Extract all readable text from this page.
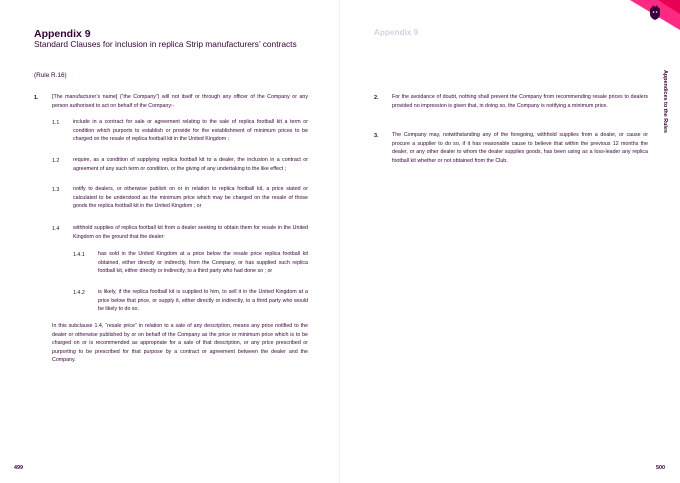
Appendix 9
Standard Clauses for inclusion in replica Strip manufacturers’ contracts
(Rule R.16)
1.	[The manufacturer’s name] (“the Company”) will not itself or through any officer of the Company or any person authorised to act on behalf of the Company:-
1.1	include in a contract for sale or agreement relating to the sale of replica football kit a term or condition which purports to establish or provide for the establishment of minimum prices to be charged on the resale of replica football kit in the United Kingdom ;
1.2	require, as a condition of supplying replica football kit to a dealer, the inclusion in a contract or agreement of any such term or condition, or the giving of any undertaking to the like effect ;
1.3	notify to dealers, or otherwise publish on or in relation to replica football kit, a price stated or calculated to be understood as the minimum price which may be charged on the resale of those goods the replica football kit in the United Kingdom ; or
1.4	withhold supplies of replica football kit from a dealer seeking to obtain them for resale in the United Kingdom on the ground that the dealer:
1.4.1 has sold in the United Kingdom at a price below the resale price replica football kit obtained, either directly or indirectly, from the Company, or has supplied such replica football kit, either directly or indirectly, to a third party who had done so ; or
1.4.2 is likely, if the replica football kit is supplied to him, to sell it in the United Kingdom at a price below that price, or supply it, either directly or indirectly, to a third party who would be likely to do so.
In this subclause 1.4, “resale price” in relation to a sale of any description, means any price notified to the dealer or otherwise published by or on behalf of the Company as the price or minimum price which is to be charged on or is recommended as appropriate for a sale of that description, or any price prescribed or purporting to be prescribed for that purpose by a contract or agreement between the dealer and the Company.
499
Appendix 9
2.	For the avoidance of doubt, nothing shall prevent the Company from recommending resale prices to dealers provided no impression is given that, in doing so, the Company is notifying a minimum price.
3.	The Company may, notwithstanding any of the foregoing, withhold supplies from a dealer, or cause or procure a supplier to do so, if it has reasonable cause to believe that within the previous 12 months the dealer, or any other dealer to whom the dealer supplies goods, has been using as a loss-leader any replica football kit whether or not obtained from the Club.
Appendices to the Rules
500
